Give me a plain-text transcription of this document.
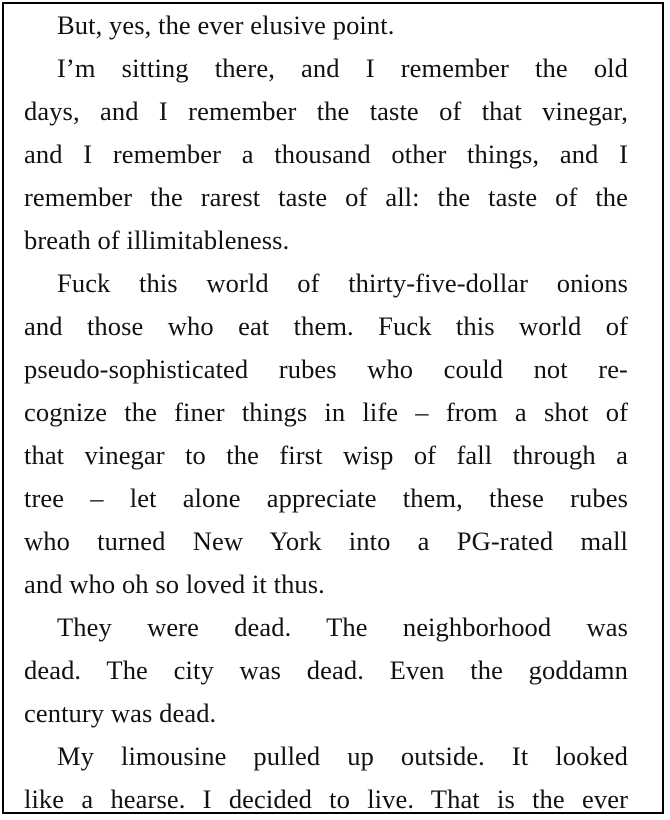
But, yes, the ever elusive point.
I’m sitting there, and I remember the old
days, and I remember the taste of that vinegar,
and I remember a thousand other things, and I
remember the rarest taste of all: the taste of the
breath of illimitableness.
Fuck this world of thirty-five-dollar onions
and those who eat them. Fuck this world of
pseudo-sophisticated rubes who could not re-
cognize the finer things in life – from a shot of
that vinegar to the first wisp of fall through a
tree – let alone appreciate them, these rubes
who turned New York into a PG-rated mall
and who oh so loved it thus.
They were dead. The neighborhood was
dead. The city was dead. Even the goddamn
century was dead.
My limousine pulled up outside. It looked
like a hearse. I decided to live. That is the ever
